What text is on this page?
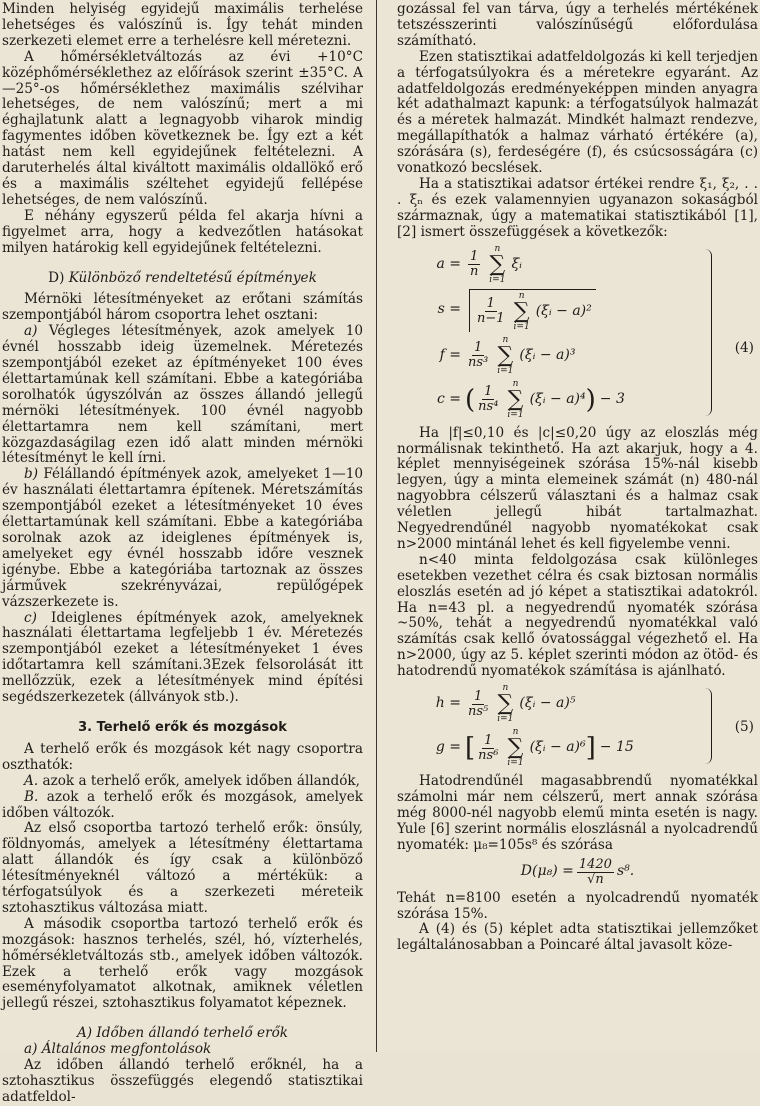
Minden helyiség egyidejű maximális terhelése lehetséges és valószínű is. Így tehát minden szerkezeti elemet erre a terhelésre kell méretezni.

A hőmérsékletváltozás az évi +10°C középhőmérséklethez az előírások szerint ±35°C. A —25°-os hőmérséklethez maximális szélvihar lehetséges, de nem valószínű; mert a mi éghajlatunk alatt a legnagyobb viharok mindig fagymentes időben következnek be. Így ezt a két hatást nem kell egyidejűnek feltételezni. A daruterhelés által kiváltott maximális oldallökő erő és a maximális széltehet egyidejű fellépése lehetséges, de nem valószínű.

E néhány egyszerű példa fel akarja hívni a figyelmet arra, hogy a kedvezőtlen hatásokat milyen határokig kell egyidejűnek feltételezni.

D) Különböző rendeltetésű építmények

Mérnöki létesítményeket az erőtani számítás szempontjából három csoportra lehet osztani:

a) Végleges létesítmények, azok amelyek 10 évnél hosszabb ideig üzemelnek. Méretezés szempontjából ezeket az építményeket 100 éves élettartamúnak kell számítani. Ebbe a kategóriába sorolhatók úgyszólván az összes állandó jellegű mérnöki létesítmények. 100 évnél nagyobb élettartamra nem kell számítani, mert közgazdaságilag ezen idő alatt minden mérnöki létesítményt le kell írni.

b) Félállandó építmények azok, amelyeket 1—10 év használati élettartamra építenek. Méretszámítás szempontjából ezeket a létesítményeket 10 éves élettartamúnak kell számítani. Ebbe a kategóriába sorolnak azok az ideiglenes építmények is, amelyeket egy évnél hosszabb időre vesznek igénybe. Ebbe a kategóriába tartoznak az összes járművek szekrényvázai, repülőgépek vázszerkezete is.

c) Ideiglenes építmények azok, amelyeknek használati élettartama legfeljebb 1 év. Méretezés szempontjából ezeket a létesítményeket 1 éves időtartamra kell számítani.3Ezek felsorolását itt mellőzzük, ezek a létesítmények mind építési segédszerkezetek (állványok stb.).

3. Terhelő erők és mozgások

A terhelő erők és mozgások két nagy csoportra oszthatók:

A. azok a terhelő erők, amelyek időben állandók,

B. azok a terhelő erők és mozgások, amelyek időben változók.

Az első csoportba tartozó terhelő erők: önsúly, földnyomás, amelyek a létesítmény élettartama alatt állandók és így csak a különböző létesítményeknél változó a mértékük: a térfogatsúlyok és a szerkezeti méreteik sztohasztikus változása miatt.

A második csoportba tartozó terhelő erők és mozgások: hasznos terhelés, szél, hó, vízterhelés, hőmérsékletváltozás stb., amelyek időben változók. Ezek a terhelő erők vagy mozgások eseményfolyamatot alkotnak, amiknek véletlen jellegű részei, sztohasztikus folyamatot képeznek.

A) Időben állandó terhelő erők

a) Általános megfontolások

Az időben állandó terhelő erőknél, ha a sztohasztikus összefüggés elegendő statisztikai adatfeldol-

gozással fel van tárva, úgy a terhelés mértékének tetszésszerinti valószínűségű előfordulása számítható.

Ezen statisztikai adatfeldolgozás ki kell terjedjen a térfogatsúlyokra és a méretekre egyaránt. Az adatfeldolgozás eredményeképpen minden anyagra két adathalmazt kapunk: a térfogatsúlyok halmazát és a méretek halmazát. Mindkét halmazt rendezve, megállapíthatók a halmaz várható értékére (a), szórására (s), ferdeségére (f), és csúcsosságára (c) vonatkozó becslések.

Ha a statisztikai adatsor értékei rendre ξ₁, ξ₂, . . . ξₙ és ezek valamennyien ugyanazon sokaságból származnak, úgy a matematikai statisztikából [1], [2] ismert összefüggések a következők:

$a = \frac{1}{n}$
n
∑
i=1
ξᵢ
s =	$\frac{1}{n-1}$
n
∑
i=1
(ξᵢ − a)²
$f = \frac{1}{\text{ns³}}$
n
∑
i=1
(ξᵢ − a)³
c = ( $\frac{1}{\text{ns⁴}}$
n
∑
i=1
(ξᵢ − a)⁴ ) − 3
(4)

Ha |f|≤0,10 és |c|≤0,20 úgy az eloszlás még normálisnak tekinthető. Ha azt akarjuk, hogy a 4. képlet mennyiségeinek szórása 15%-nál kisebb legyen, úgy a minta elemeinek számát (n) 480-nál nagyobbra célszerű választani és a halmaz csak véletlen jellegű hibát tartalmazhat. Negyedrendűnél nagyobb nyomatékokat csak n>2000 mintánál lehet és kell figyelembe venni.

n<40 minta feldolgozása csak különleges esetekben vezethet célra és csak biztosan normális eloszlás esetén ad jó képet a statisztikai adatokról. Ha n=43 pl. a negyedrendű nyomaték szórása ~50%, tehát a negyedrendű nyomatékkal való számítás csak kellő óvatossággal végezhető el. Ha n>2000, úgy az 5. képlet szerinti módon az ötöd- és hatodrendű nyomatékok számítása is ajánlható.

$h = \frac{1}{\text{ns⁵}}$
n
∑
i=1
(ξᵢ − a)⁵
g = [ $\frac{1}{\text{ns⁶}}$
n
∑
i=1
(ξᵢ − a)⁶ ] − 15
(5)

Hatodrendűnél magasabbrendű nyomatékkal számolni már nem célszerű, mert annak szórása még 8000-nél nagyobb elemű minta esetén is nagy. Yule [6] szerint normális eloszlásnál a nyolcadrendű nyomaték: μ₈=105s⁸ és szórása

$D(\mu_8) = \frac{1420}{√n} s^8$.

Tehát n=8100 esetén a nyolcadrendű nyomaték szórása 15%.

A (4) és (5) képlet adta statisztikai jellemzőket legáltalánosabban a Poincaré által javasolt köze-
